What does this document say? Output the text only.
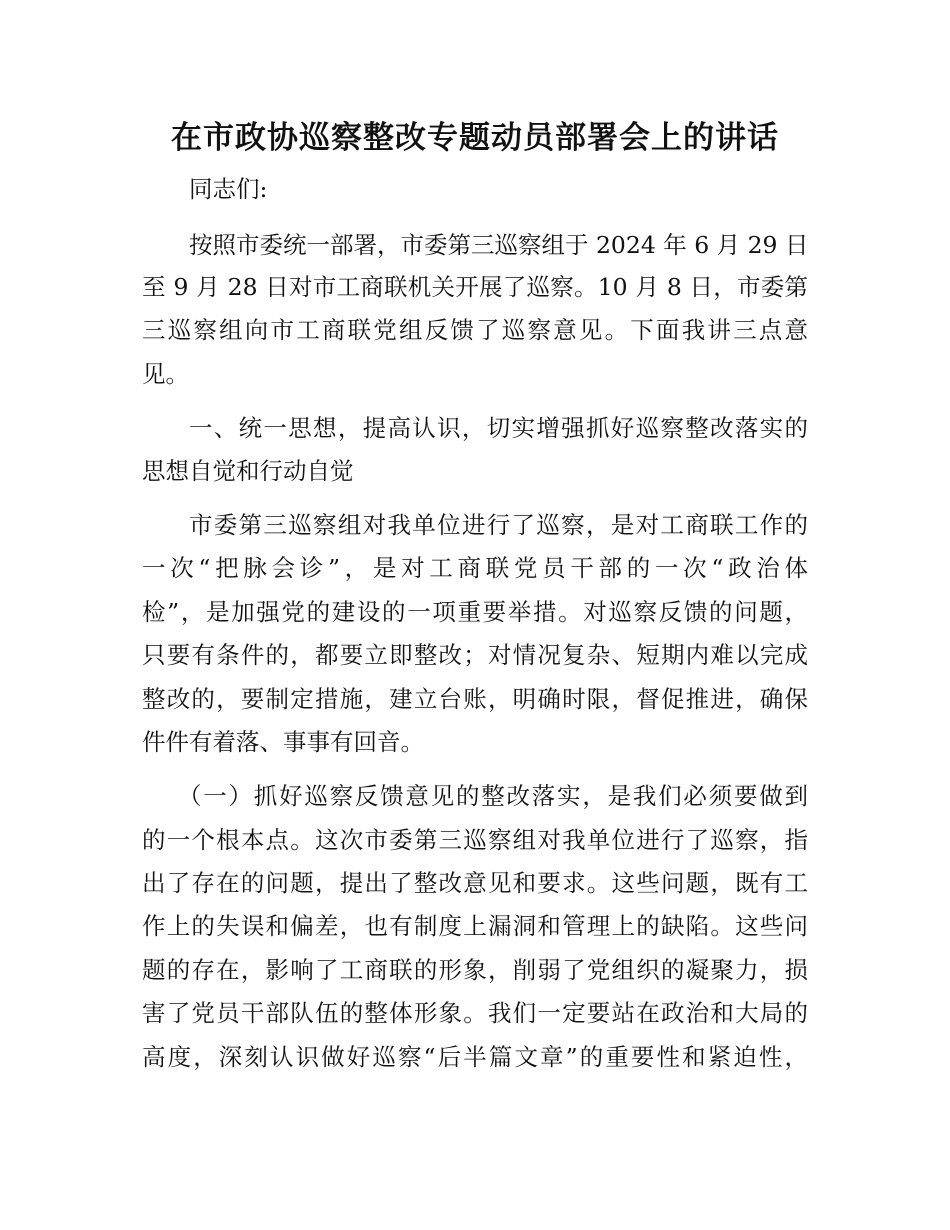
在市政协巡察整改专题动员部署会上的讲话
同志们:
按照市委统一部署，市委第三巡察组于 2024 年 6 月 29 日
至 9 月 28 日对市工商联机关开展了巡察。10 月 8 日，市委第
三巡察组向市工商联党组反馈了巡察意见。下面我讲三点意
见。
一、统一思想，提高认识，切实增强抓好巡察整改落实的
思想自觉和行动自觉
市委第三巡察组对我单位进行了巡察，是对工商联工作的
一次“把脉会诊”，是对工商联党员干部的一次“政治体
检”，是加强党的建设的一项重要举措。对巡察反馈的问题，
只要有条件的，都要立即整改；对情况复杂、短期内难以完成
整改的，要制定措施，建立台账，明确时限，督促推进，确保
件件有着落、事事有回音。
（一）抓好巡察反馈意见的整改落实，是我们必须要做到
的一个根本点。这次市委第三巡察组对我单位进行了巡察，指
出了存在的问题，提出了整改意见和要求。这些问题，既有工
作上的失误和偏差，也有制度上漏洞和管理上的缺陷。这些问
题的存在，影响了工商联的形象，削弱了党组织的凝聚力，损
害了党员干部队伍的整体形象。我们一定要站在政治和大局的
高度，深刻认识做好巡察“后半篇文章”的重要性和紧迫性，
